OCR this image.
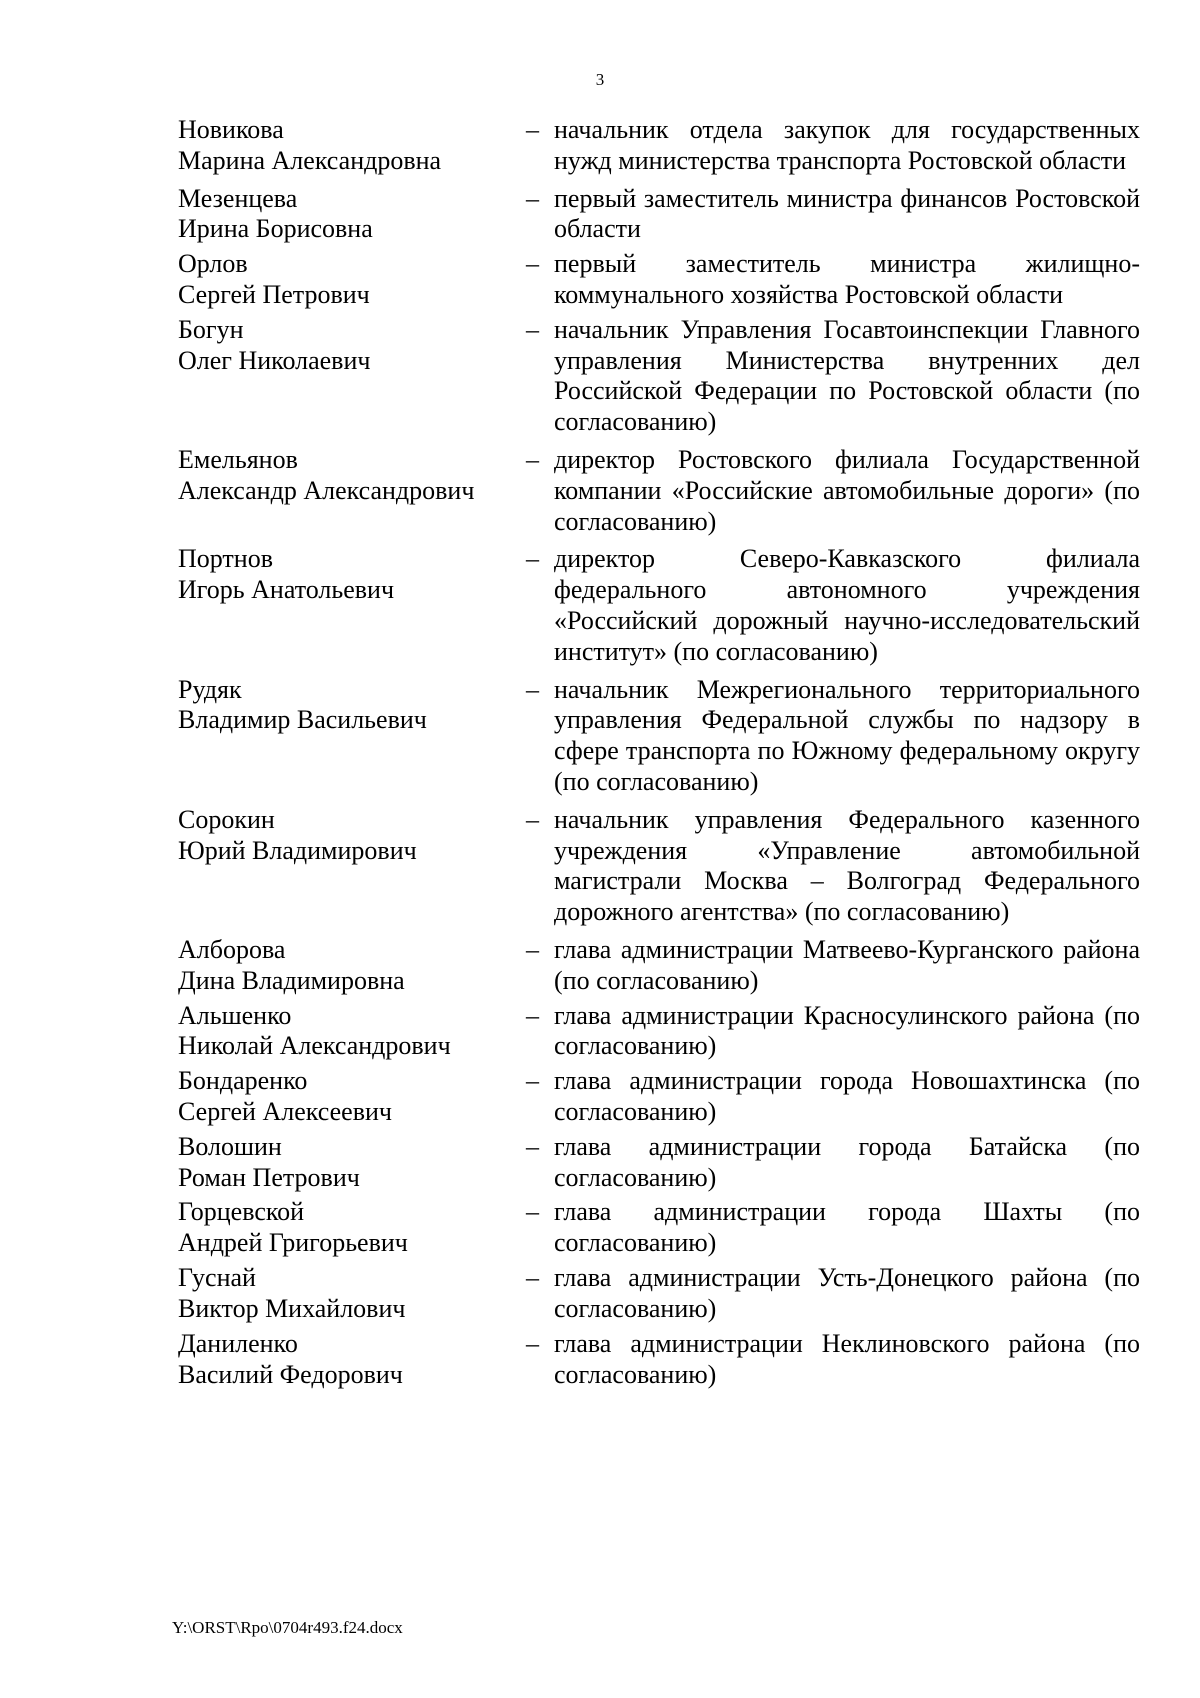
3
Новикова
Марина Александровна
– начальник отдела закупок для государственных нужд министерства транспорта Ростовской области
Мезенцева
Ирина Борисовна
– первый заместитель министра финансов Ростовской области
Орлов
Сергей Петрович
– первый заместитель министра жилищно-коммунального хозяйства Ростовской области
Богун
Олег Николаевич
– начальник Управления Госавтоинспекции Главного управления Министерства внутренних дел Российской Федерации по Ростовской области (по согласованию)
Емельянов
Александр Александрович
– директор Ростовского филиала Государственной компании «Российские автомобильные дороги» (по согласованию)
Портнов
Игорь Анатольевич
– директор Северо-Кавказского филиала федерального автономного учреждения «Российский дорожный научно-исследовательский институт» (по согласованию)
Рудяк
Владимир Васильевич
– начальник Межрегионального территориального управления Федеральной службы по надзору в сфере транспорта по Южному федеральному округу (по согласованию)
Сорокин
Юрий Владимирович
– начальник управления Федерального казенного учреждения «Управление автомобильной магистрали Москва – Волгоград Федерального дорожного агентства» (по согласованию)
Алборова
Дина Владимировна
– глава администрации Матвеево-Курганского района (по согласованию)
Альшенко
Николай Александрович
– глава администрации Красносулинского района (по согласованию)
Бондаренко
Сергей Алексеевич
– глава администрации города Новошахтинска (по согласованию)
Волошин
Роман Петрович
– глава администрации города Батайска (по согласованию)
Горцевской
Андрей Григорьевич
– глава администрации города Шахты (по согласованию)
Гуснай
Виктор Михайлович
– глава администрации Усть-Донецкого района (по согласованию)
Даниленко
Василий Федорович
– глава администрации Неклиновского района (по согласованию)
Y:\ORST\Rpo\0704r493.f24.docx
